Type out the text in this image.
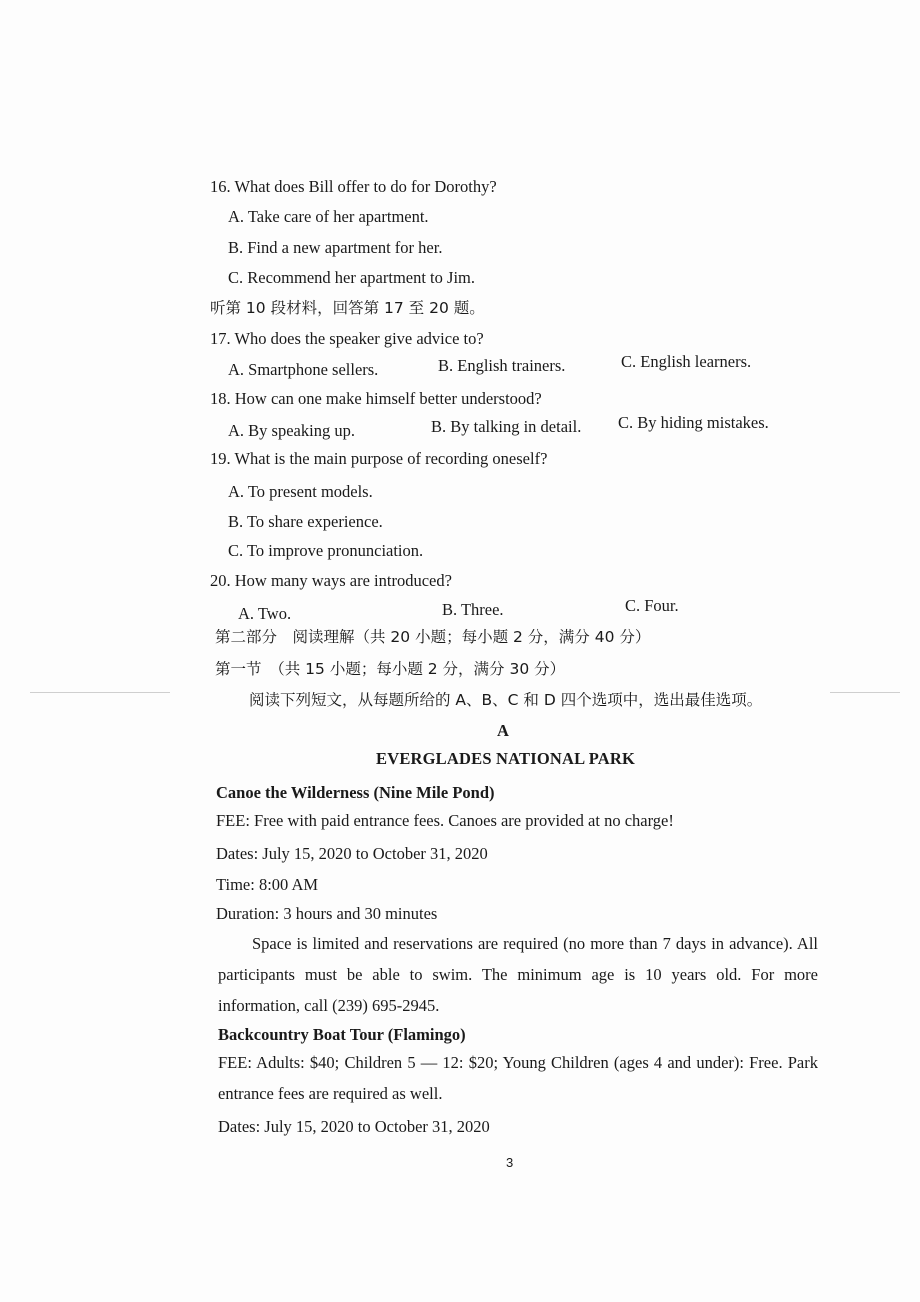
16. What does Bill offer to do for Dorothy?
A. Take care of her apartment.
B. Find a new apartment for her.
C. Recommend her apartment to Jim.
听第 10 段材料，回答第 17 至 20 题。
17. Who does the speaker give advice to?
A. Smartphone sellers.	B. English trainers.	C. English learners.
18. How can one make himself better understood?
A. By speaking up.	B. By talking in detail. C. By hiding mistakes.
19. What is the main purpose of recording oneself?
A. To present models.
B. To share experience.
C. To improve pronunciation.
20. How many ways are introduced?
A. Two.	B. Three.	C. Four.
第二部分　阅读理解（共 20 小题；每小题 2 分，满分 40 分）
第一节　（共 15 小题；每小题 2 分，满分 30 分）
阅读下列短文，从每题所给的 A、B、C 和 D 四个选项中，选出最佳选项。
A
EVERGLADES NATIONAL PARK
Canoe the Wilderness (Nine Mile Pond)
FEE: Free with paid entrance fees. Canoes are provided at no charge!
Dates: July 15, 2020 to October 31, 2020
Time: 8:00 AM
Duration: 3 hours and 30 minutes
Space is limited and reservations are required (no more than 7 days in advance). All participants must be able to swim. The minimum age is 10 years old. For more information, call (239) 695-2945.
Backcountry Boat Tour (Flamingo)
FEE: Adults: $40; Children 5 — 12: $20; Young Children (ages 4 and under): Free. Park entrance fees are required as well.
Dates: July 15, 2020 to October 31, 2020
3
